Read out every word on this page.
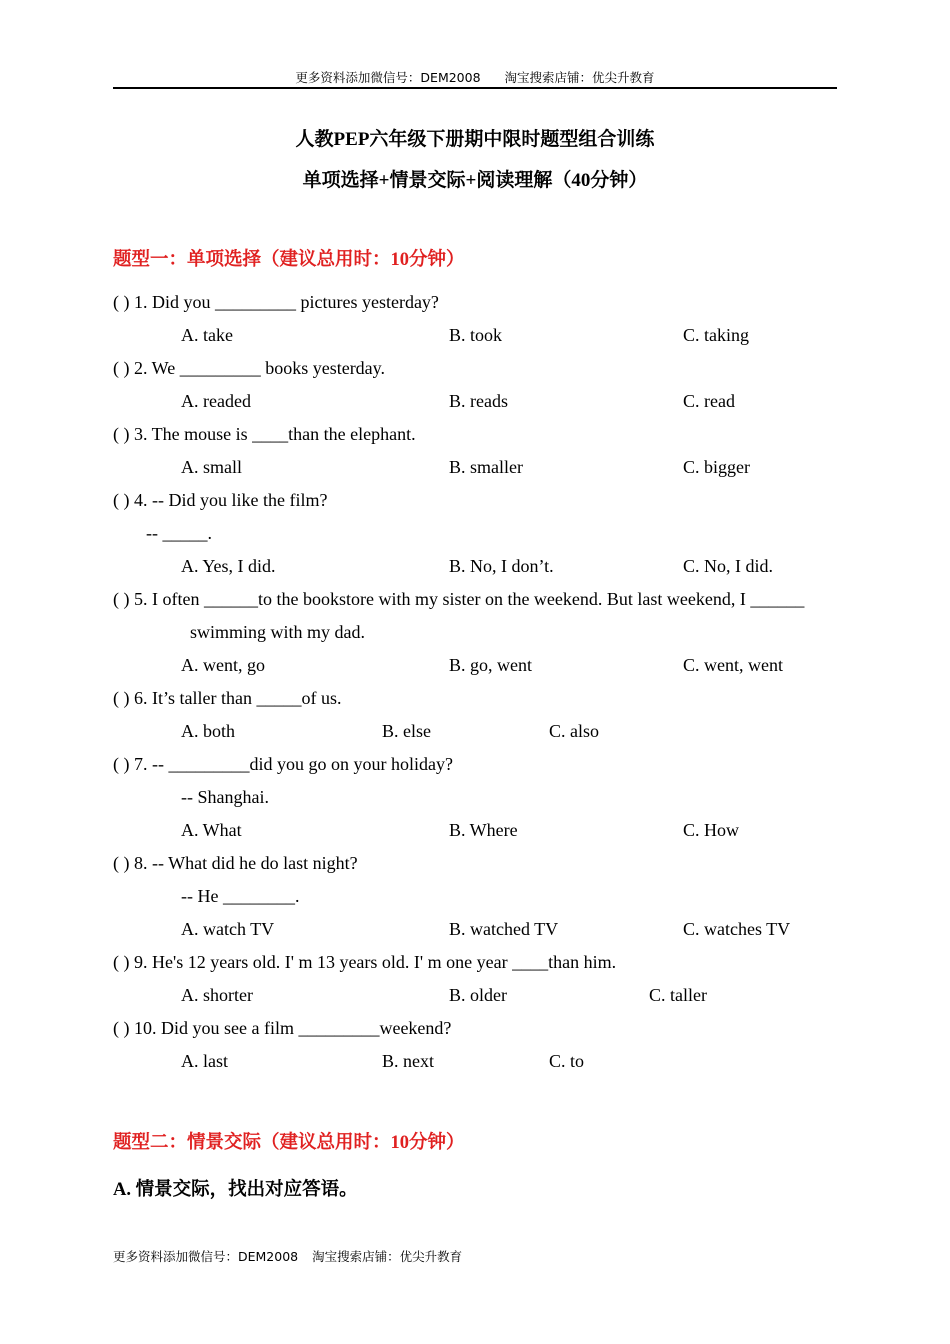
更多资料添加微信号：DEM2008 淘宝搜索店铺：优尖升教育
人教PEP六年级下册期中限时题型组合训练
单项选择+情景交际+阅读理解（40分钟）
题型一：单项选择（建议总用时：10分钟）
( ) 1. Did you _________ pictures yesterday?
A. take	B. took	C. taking
( ) 2. We _________ books yesterday.
A. readed	B. reads	C. read
( ) 3. The mouse is ____than the elephant.
A. small	B. smaller	C. bigger
( ) 4. -- Did you like the film?
-- _____.
A. Yes, I did.	B. No, I don’t.	C. No, I did.
( ) 5. I often ______to the bookstore with my sister on the weekend. But last weekend, I ______
swimming with my dad.
A. went, go	B. go, went	C. went, went
( ) 6. It’s taller than _____of us.
A. both	B. else	C. also
( ) 7. -- _________did you go on your holiday?
-- Shanghai.
A. What	B. Where	C. How
( ) 8. -- What did he do last night?
-- He ________.
A. watch TV	B. watched TV	C. watches TV
( ) 9. He's 12 years old. I' m 13 years old. I' m one year ____than him.
A. shorter	B. older	C. taller
( ) 10. Did you see a film _________weekend?
A. last	B. next	C. to
题型二：情景交际（建议总用时：10分钟）
A. 情景交际，找出对应答语。
更多资料添加微信号：DEM2008 淘宝搜索店铺：优尖升教育
